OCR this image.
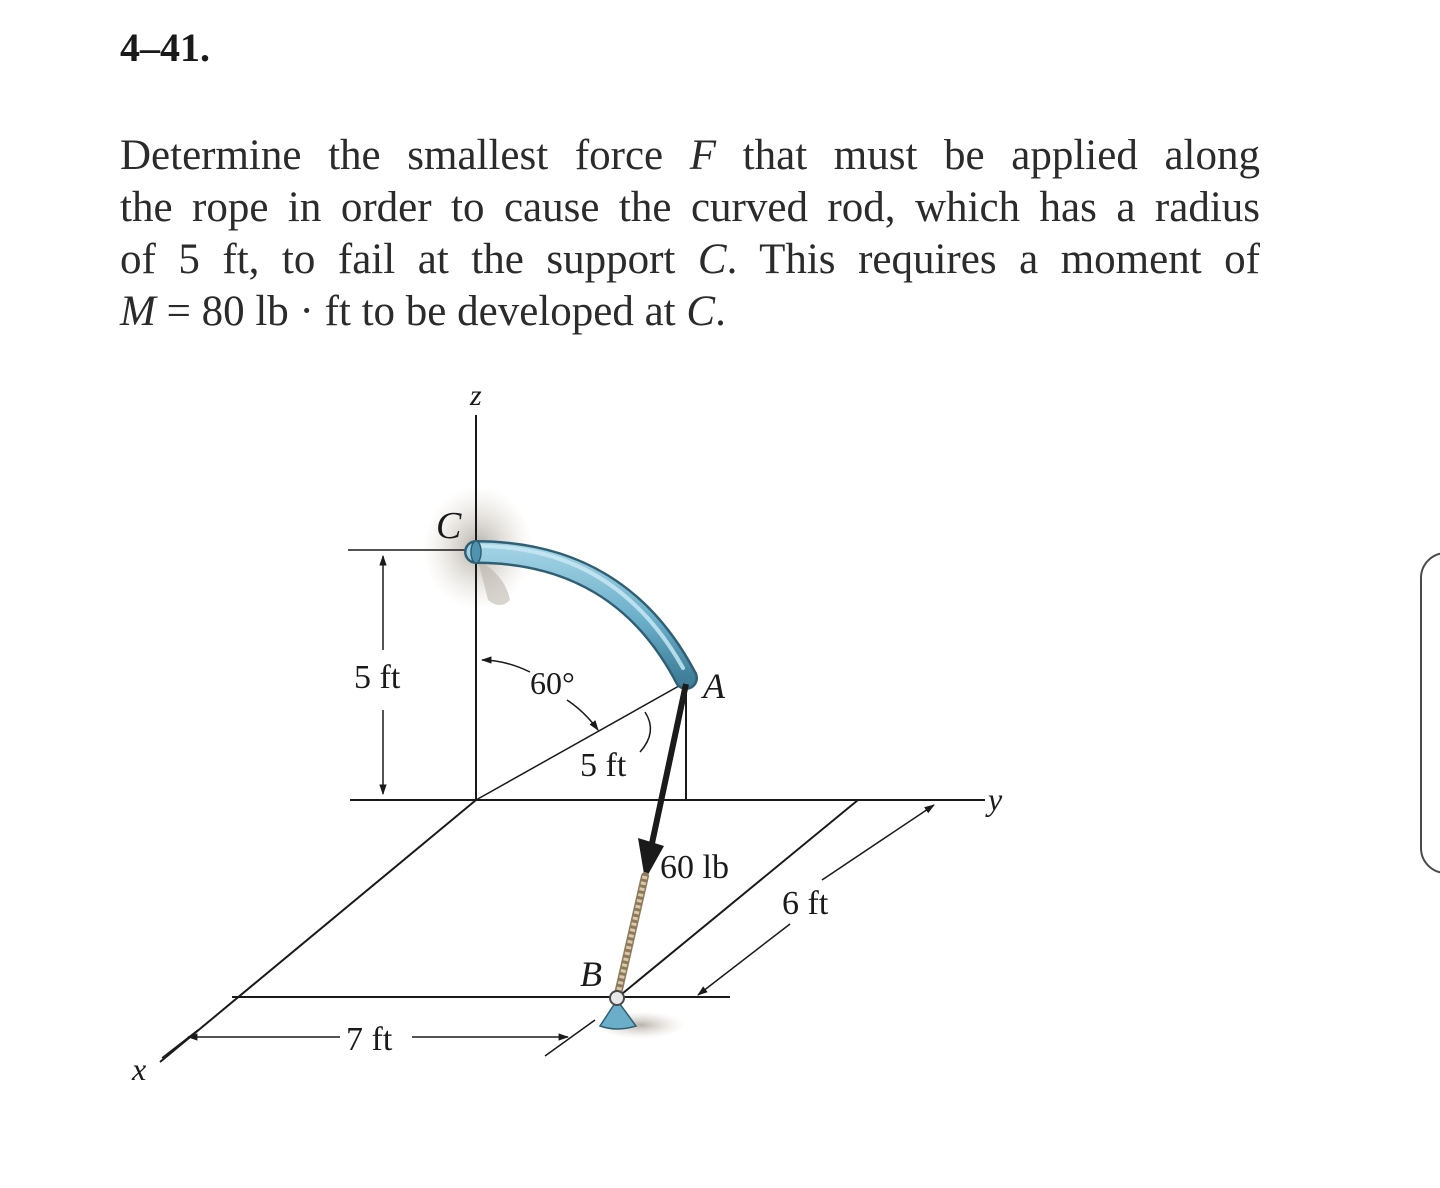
4–41.

Determine the smallest force F that must be applied along
the rope in order to cause the curved rod, which has a radius
of 5 ft, to fail at the support C. This requires a moment of
M = 80 lb · ft to be developed at C.

z
y
x
5 ft	60°
5 ft
C
A
60 lb
B
6 ft
7 ft
